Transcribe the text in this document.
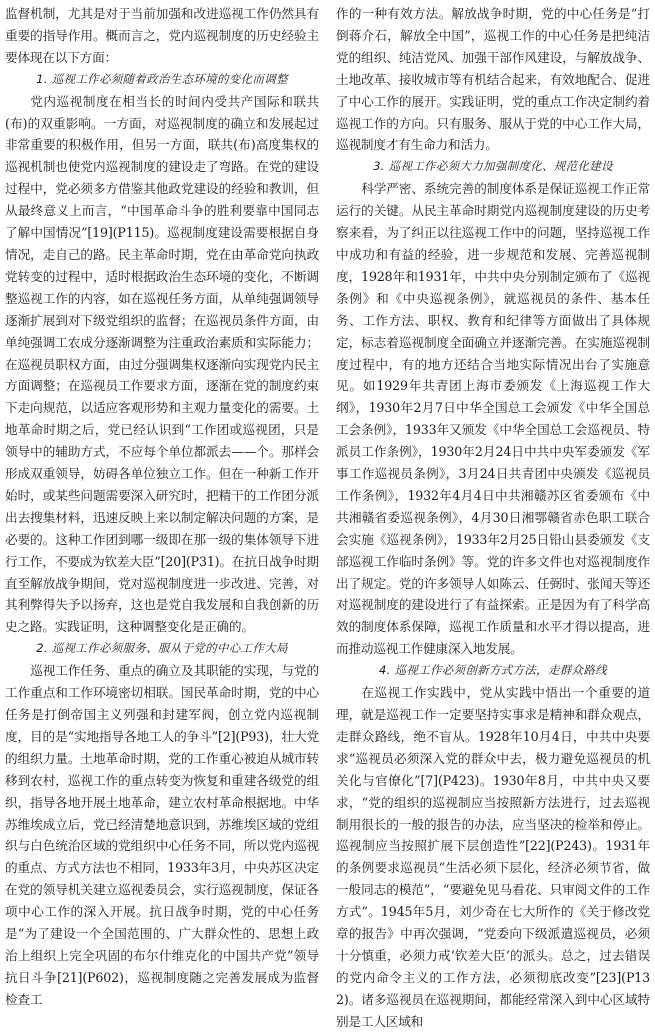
监督机制，尤其是对于当前加强和改进巡视工作仍然具有重要的指导作用。概而言之，党内巡视制度的历史经验主要体现在以下方面：

1. 巡视工作必须随着政治生态环境的变化而调整

党内巡视制度在相当长的时间内受共产国际和联共(布)的双重影响。一方面，对巡视制度的确立和发展起过非常重要的积极作用，但另一方面，联共(布)高度集权的巡视机制也使党内巡视制度的建设走了弯路。在党的建设过程中，党必须多方借鉴其他政党建设的经验和教训，但从最终意义上而言，“中国革命斗争的胜利要靠中国同志了解中国情况”[19](P115)。巡视制度建设需要根据自身情况，走自己的路。民主革命时期，党在由革命党向执政党转变的过程中，适时根据政治生态环境的变化，不断调整巡视工作的内容，如在巡视任务方面，从单纯强调领导逐渐扩展到对下级党组织的监督；在巡视员条件方面，由单纯强调工农成分逐渐调整为注重政治素质和实际能力；在巡视员职权方面，由过分强调集权逐渐向实现党内民主方面调整；在巡视员工作要求方面，逐渐在党的制度约束下走向规范，以适应客观形势和主观力量变化的需要。土地革命时期之后，党已经认识到“工作团或巡视团，只是领导中的辅助方式，不应每个单位都派去——个。那样会形成双重领导，妨碍各单位独立工作。但在一种新工作开始时，或某些问题需要深入研究时，把精干的工作团分派出去搜集材料，迅速反映上来以制定解决问题的方案，是必要的。这种工作团到哪一级即在那一级的集体领导下进行工作，不要成为钦差大臣”[20](P31)。在抗日战争时期直至解放战争期间，党对巡视制度进一步改进、完善，对其利弊得失予以扬弃，这也是党自我发展和自我创新的历史之路。实践证明，这种调整变化是正确的。

2. 巡视工作必须服务、服从于党的中心工作大局

巡视工作任务、重点的确立及其职能的实现，与党的工作重点和工作环境密切相联。国民革命时期，党的中心任务是打倒帝国主义列强和封建军阀，创立党内巡视制度，目的是“实地指导各地工人的争斗”[2](P93)，壮大党的组织力量。土地革命时期，党的工作重心被迫从城市转移到农村，巡视工作的重点转变为恢复和重建各级党的组织，指导各地开展土地革命，建立农村革命根据地。中华苏维埃成立后，党已经清楚地意识到，苏维埃区域的党组织与白色统治区域的党组织中心任务不同，所以党内巡视的重点、方式方法也不相同，1933年3月，中央苏区决定在党的领导机关建立巡视委员会，实行巡视制度，保证各项中心工作的深入开展。抗日战争时期，党的中心任务是“为了建设一个全国范围的、广大群众性的、思想上政治上组织上完全巩固的布尔什维克化的中国共产党”领导抗日斗争[21](P602)，巡视制度随之完善发展成为监督检查工

作的一种有效方法。解放战争时期，党的中心任务是“打倒蒋介石，解放全中国”，巡视工作的中心任务是把纯洁党的组织、纯洁党风、加强干部作风建设，与解放战争、土地改革、接收城市等有机结合起来，有效地配合、促进了中心工作的展开。实践证明，党的重点工作决定制约着巡视工作的方向。只有服务、服从于党的中心工作大局，巡视制度才有生命力和活力。

3. 巡视工作必须大力加强制度化、规范化建设

科学严密、系统完善的制度体系是保证巡视工作正常运行的关键。从民主革命时期党内巡视制度建设的历史考察来看，为了纠正以往巡视工作中的问题，坚持巡视工作中成功和有益的经验，进一步规范和发展、完善巡视制度，1928年和1931年，中共中央分别制定颁布了《巡视条例》和《中央巡视条例》，就巡视员的条件、基本任务、工作方法、职权、教育和纪律等方面做出了具体规定，标志着巡视制度全面确立并逐渐完善。在实施巡视制度过程中，有的地方还结合当地实际情况出台了实施意见。如1929年共青团上海市委颁发《上海巡视工作大纲》，1930年2月7日中华全国总工会颁发《中华全国总工会条例》，1933年又颁发《中华全国总工会巡视员、特派员工作条例》，1930年2月24日中共中央军委颁发《军事工作巡视员条例》，3月24日共青团中央颁发《巡视员工作条例》，1932年4月4日中共湘赣苏区省委颁布《中共湘赣省委巡视条例》，4月30日湘鄂赣省赤色职工联合会实施《巡视条例》，1933年2月25日铅山县委颁发《支部巡视工作临时条例》等。党的许多文件也对巡视制度作出了规定。党的许多领导人如陈云、任弼时、张闻天等还对巡视制度的建设进行了有益探索。正是因为有了科学高效的制度体系保障，巡视工作质量和水平才得以提高，进而推动巡视工作健康深入地发展。

4. 巡视工作必须创新方式方法，走群众路线

在巡视工作实践中，党从实践中悟出一个重要的道理，就是巡视工作一定要坚持实事求是精神和群众观点，走群众路线，绝不盲从。1928年10月4日，中共中央要求“巡视员必须深入党的群众中去，极力避免巡视员的机关化与官僚化”[7](P423)。1930年8月，中共中央又要求，“党的组织的巡视制应当按照新方法进行，过去巡视制用很长的一般的报告的办法，应当坚决的检举和停止。巡视制应当按照扩展下层创造性”[22](P243)。1931年的条例要求巡视员“生活必须下层化，经济必须节省，做一般同志的模范”，“要避免见马看花、只审阅文件的工作方式”。1945年5月，刘少奇在七大所作的《关于修改党章的报告》中再次强调，“党委向下级派遣巡视员，必须十分慎重，必须力戒‘钦差大臣’的派头。总之，过去错误的党内命令主义的工作方法，必须彻底改变”[23](P132)。诸多巡视员在巡视期间，都能经常深入到中心区域特别是工人区域和
